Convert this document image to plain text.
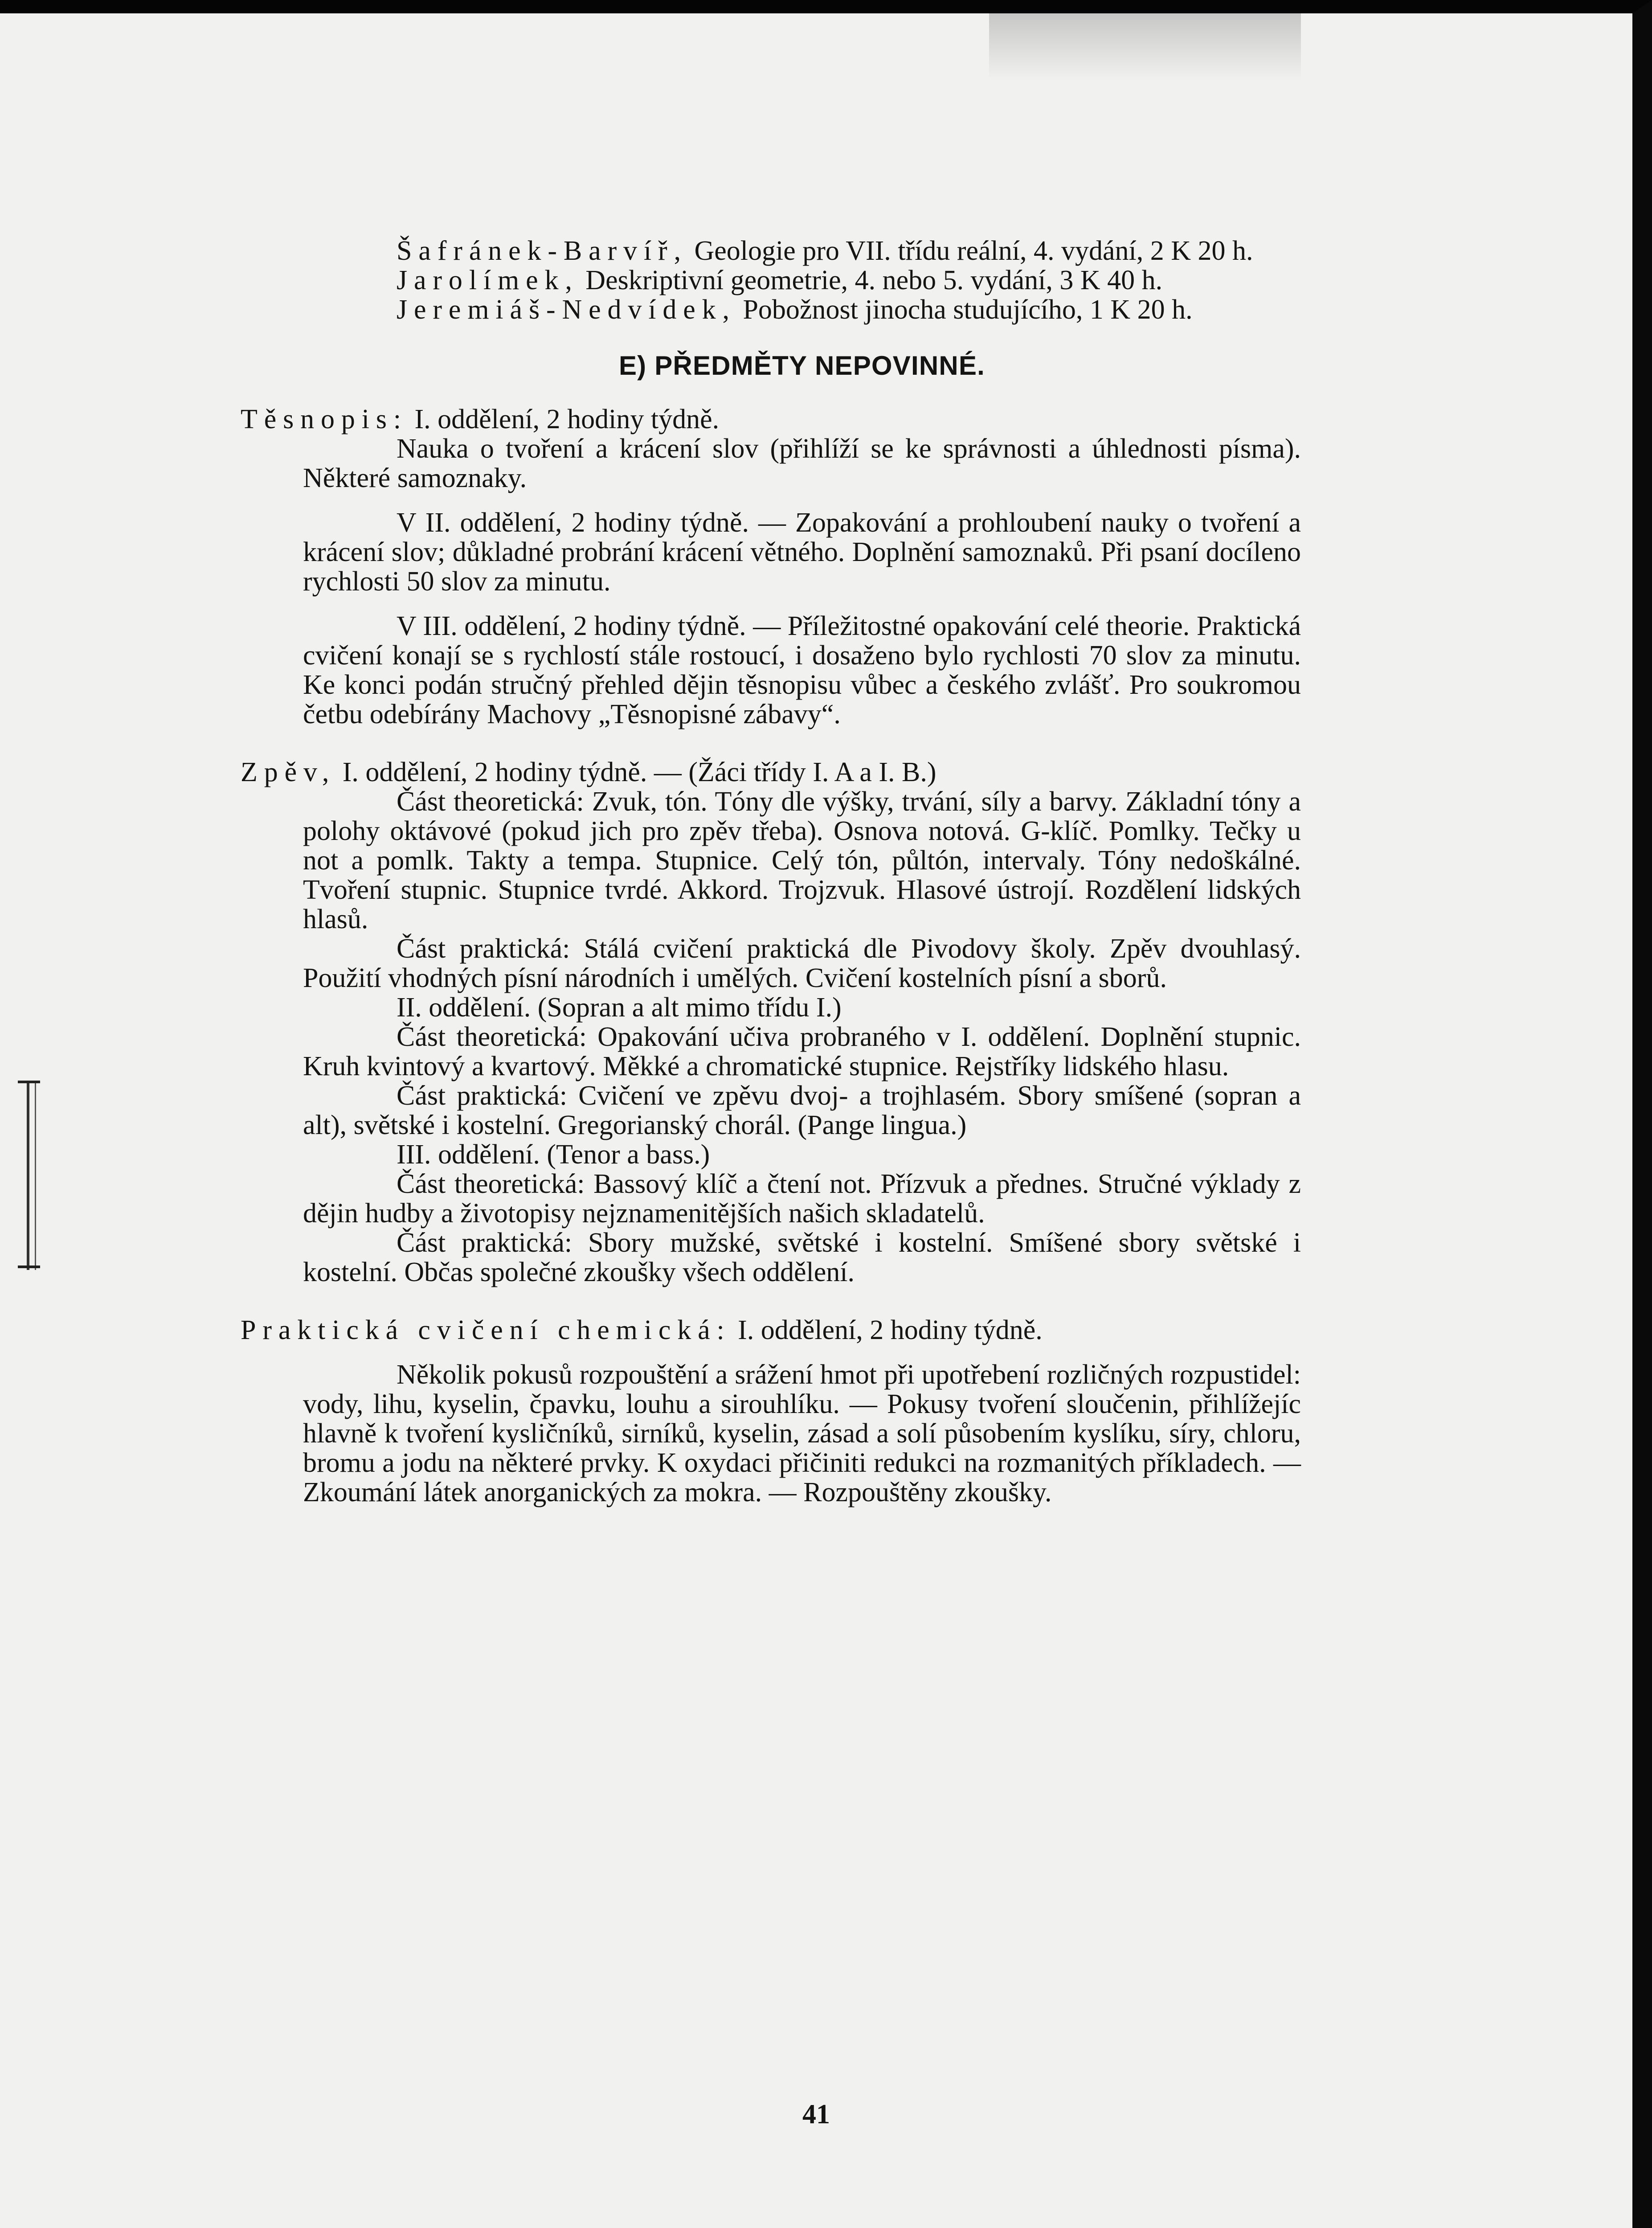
Šafránek-Barvíř, Geologie pro VII. třídu reální, 4. vydání, 2 K 20 h.

Jarolímek, Deskriptivní geometrie, 4. nebo 5. vydání, 3 K 40 h.

Jeremiáš-Nedvídek, Pobožnost jinocha studujícího, 1 K 20 h.

E) PŘEDMĚTY NEPOVINNÉ.

Těsnopis: I. oddělení, 2 hodiny týdně.

Nauka o tvoření a krácení slov (přihlíží se ke správnosti a úhlednosti písma). Některé samoznaky.

V II. oddělení, 2 hodiny týdně. — Zopakování a prohloubení nauky o tvoření a krácení slov; důkladné probrání krácení větného. Doplnění samoznaků. Při psaní docíleno rychlosti 50 slov za minutu.

V III. oddělení, 2 hodiny týdně. — Příležitostné opakování celé theorie. Praktická cvičení konají se s rychlostí stále rostoucí, i dosaženo bylo rychlosti 70 slov za minutu. Ke konci podán stručný přehled dějin těsnopisu vůbec a českého zvlášť. Pro soukromou četbu odebírány Machovy „Těsnopisné zábavy“.

Zpěv, I. oddělení, 2 hodiny týdně. — (Žáci třídy I. A a I. B.)

Část theoretická: Zvuk, tón. Tóny dle výšky, trvání, síly a barvy. Základní tóny a polohy oktávové (pokud jich pro zpěv třeba). Osnova notová. G-klíč. Pomlky. Tečky u not a pomlk. Takty a tempa. Stupnice. Celý tón, půltón, intervaly. Tóny nedoškálné. Tvoření stupnic. Stupnice tvrdé. Akkord. Trojzvuk. Hlasové ústrojí. Rozdělení lidských hlasů.

Část praktická: Stálá cvičení praktická dle Pivodovy školy. Zpěv dvouhlasý. Použití vhodných písní národních i umělých. Cvičení kostelních písní a sborů.

II. oddělení. (Sopran a alt mimo třídu I.)

Část theoretická: Opakování učiva probraného v I. oddělení. Doplnění stupnic. Kruh kvintový a kvartový. Měkké a chromatické stupnice. Rejstříky lidského hlasu.

Část praktická: Cvičení ve zpěvu dvoj- a trojhlasém. Sbory smíšené (sopran a alt), světské i kostelní. Gregorianský chorál. (Pange lingua.)

III. oddělení. (Tenor a bass.)

Část theoretická: Bassový klíč a čtení not. Přízvuk a přednes. Stručné výklady z dějin hudby a životopisy nejznamenitějších našich skladatelů.

Část praktická: Sbory mužské, světské i kostelní. Smíšené sbory světské i kostelní. Občas společné zkoušky všech oddělení.

Praktická cvičení chemická: I. oddělení, 2 hodiny týdně.

Několik pokusů rozpouštění a srážení hmot při upotřebení rozličných rozpustidel: vody, lihu, kyselin, čpavku, louhu a sirouhlíku. — Pokusy tvoření sloučenin, přihlížejíc hlavně k tvoření kysličníků, sirníků, kyselin, zásad a solí působením kyslíku, síry, chloru, bromu a jodu na některé prvky. K oxydaci přičiniti redukci na rozmanitých příkladech. — Zkoumání látek anorganických za mokra. — Rozpouštěny zkoušky.

41
